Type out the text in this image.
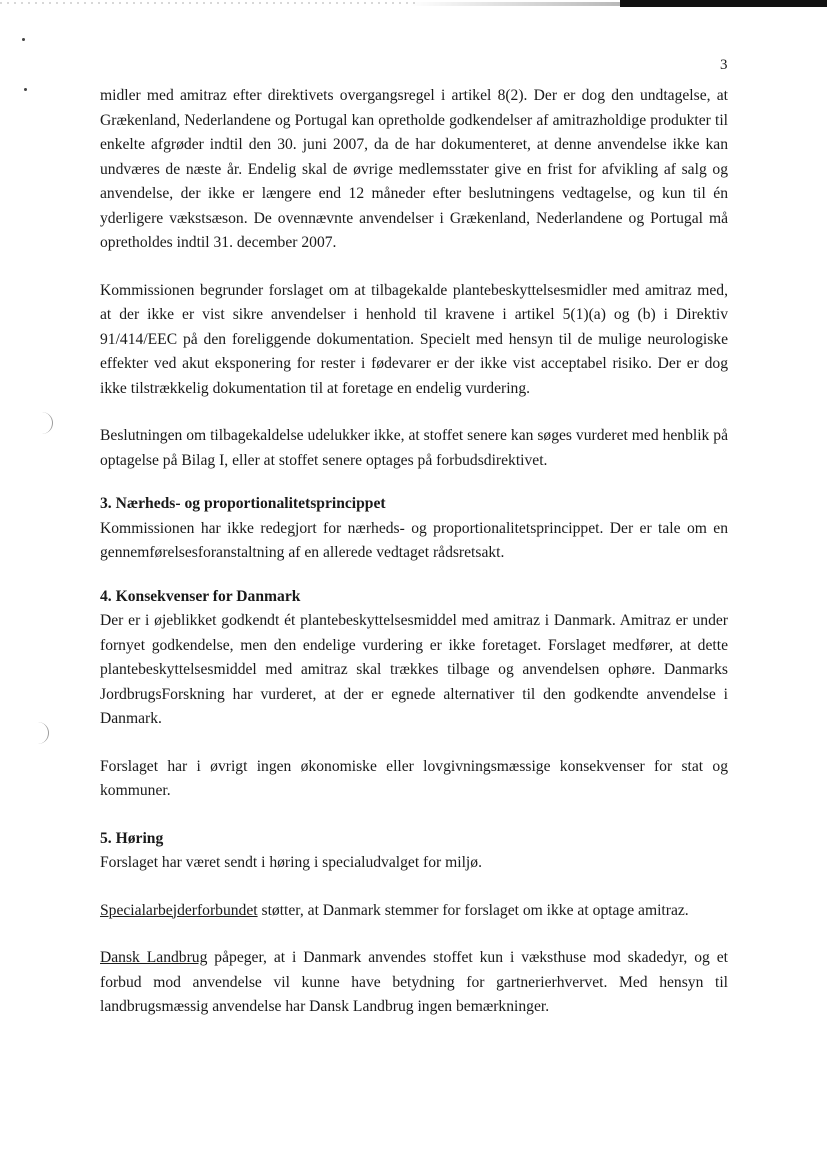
3

midler med amitraz efter direktivets overgangsregel i artikel 8(2). Der er dog den undtagelse, at Grækenland, Nederlandene og Portugal kan opretholde godkendelser af amitrazholdige produkter til enkelte afgrøder indtil den 30. juni 2007, da de har dokumenteret, at denne anvendelse ikke kan undværes de næste år. Endelig skal de øvrige medlemsstater give en frist for afvikling af salg og anvendelse, der ikke er længere end 12 måneder efter beslutningens vedtagelse, og kun til én yderligere vækstsæson. De ovennævnte anvendelser i Grækenland, Nederlandene og Portugal må opretholdes indtil 31. december 2007.

Kommissionen begrunder forslaget om at tilbagekalde plantebeskyttelsesmidler med amitraz med, at der ikke er vist sikre anvendelser i henhold til kravene i artikel 5(1)(a) og (b) i Direktiv 91/414/EEC på den foreliggende dokumentation. Specielt med hensyn til de mulige neurologiske effekter ved akut eksponering for rester i fødevarer er der ikke vist acceptabel risiko. Der er dog ikke tilstrækkelig dokumentation til at foretage en endelig vurdering.

Beslutningen om tilbagekaldelse udelukker ikke, at stoffet senere kan søges vurderet med henblik på optagelse på Bilag I, eller at stoffet senere optages på forbudsdirektivet.

3. Nærheds- og proportionalitetsprincippet

Kommissionen har ikke redegjort for nærheds- og proportionalitetsprincippet. Der er tale om en gennemførelsesforanstaltning af en allerede vedtaget rådsretsakt.

4. Konsekvenser for Danmark

Der er i øjeblikket godkendt ét plantebeskyttelsesmiddel med amitraz i Danmark. Amitraz er under fornyet godkendelse, men den endelige vurdering er ikke foretaget. Forslaget medfører, at dette plantebeskyttelsesmiddel med amitraz skal trækkes tilbage og anvendelsen ophøre. Danmarks JordbrugsForskning har vurderet, at der er egnede alternativer til den godkendte anvendelse i Danmark.

Forslaget har i øvrigt ingen økonomiske eller lovgivningsmæssige konsekvenser for stat og kommuner.

5. Høring

Forslaget har været sendt i høring i specialudvalget for miljø.

Specialarbejderforbundet støtter, at Danmark stemmer for forslaget om ikke at optage amitraz.

Dansk Landbrug påpeger, at i Danmark anvendes stoffet kun i væksthuse mod skadedyr, og et forbud mod anvendelse vil kunne have betydning for gartnerierhvervet. Med hensyn til landbrugsmæssig anvendelse har Dansk Landbrug ingen bemærkninger.
